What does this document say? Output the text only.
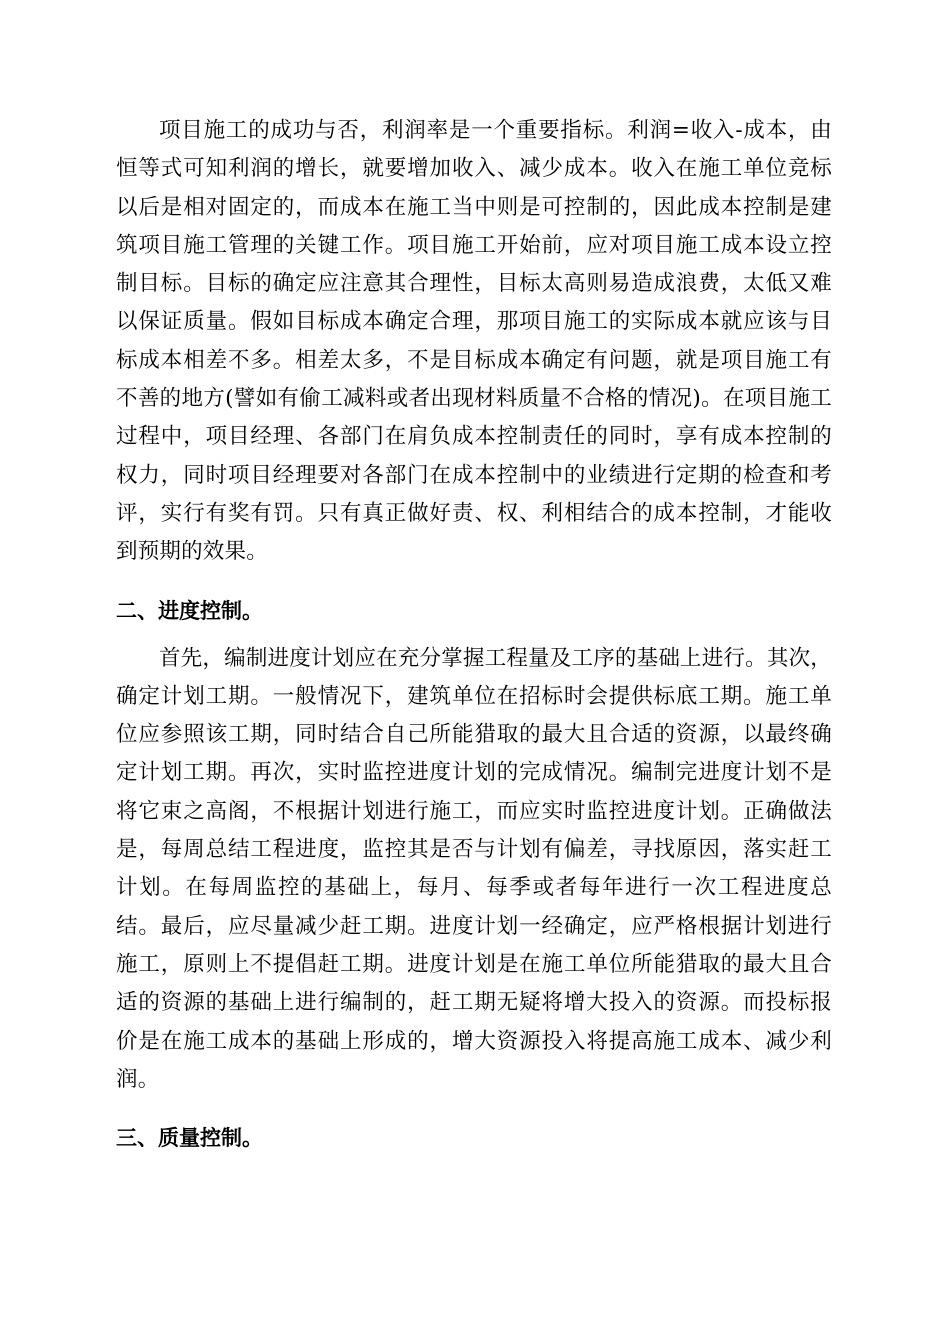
项目施工的成功与否，利润率是一个重要指标。利润=收入-成本，由恒等式可知利润的增长，就要增加收入、减少成本。收入在施工单位竞标以后是相对固定的，而成本在施工当中则是可控制的，因此成本控制是建筑项目施工管理的关键工作。项目施工开始前，应对项目施工成本设立控制目标。目标的确定应注意其合理性，目标太高则易造成浪费，太低又难以保证质量。假如目标成本确定合理，那项目施工的实际成本就应该与目标成本相差不多。相差太多，不是目标成本确定有问题，就是项目施工有不善的地方(譬如有偷工减料或者出现材料质量不合格的情况)。在项目施工过程中，项目经理、各部门在肩负成本控制责任的同时，享有成本控制的权力，同时项目经理要对各部门在成本控制中的业绩进行定期的检查和考评，实行有奖有罚。只有真正做好责、权、利相结合的成本控制，才能收到预期的效果。

二、进度控制。

首先，编制进度计划应在充分掌握工程量及工序的基础上进行。其次，确定计划工期。一般情况下，建筑单位在招标时会提供标底工期。施工单位应参照该工期，同时结合自己所能猎取的最大且合适的资源，以最终确定计划工期。再次，实时监控进度计划的完成情况。编制完进度计划不是将它束之高阁，不根据计划进行施工，而应实时监控进度计划。正确做法是，每周总结工程进度，监控其是否与计划有偏差，寻找原因，落实赶工计划。在每周监控的基础上，每月、每季或者每年进行一次工程进度总结。最后，应尽量减少赶工期。进度计划一经确定，应严格根据计划进行施工，原则上不提倡赶工期。进度计划是在施工单位所能猎取的最大且合适的资源的基础上进行编制的，赶工期无疑将增大投入的资源。而投标报价是在施工成本的基础上形成的，增大资源投入将提高施工成本、减少利润。

三、质量控制。
